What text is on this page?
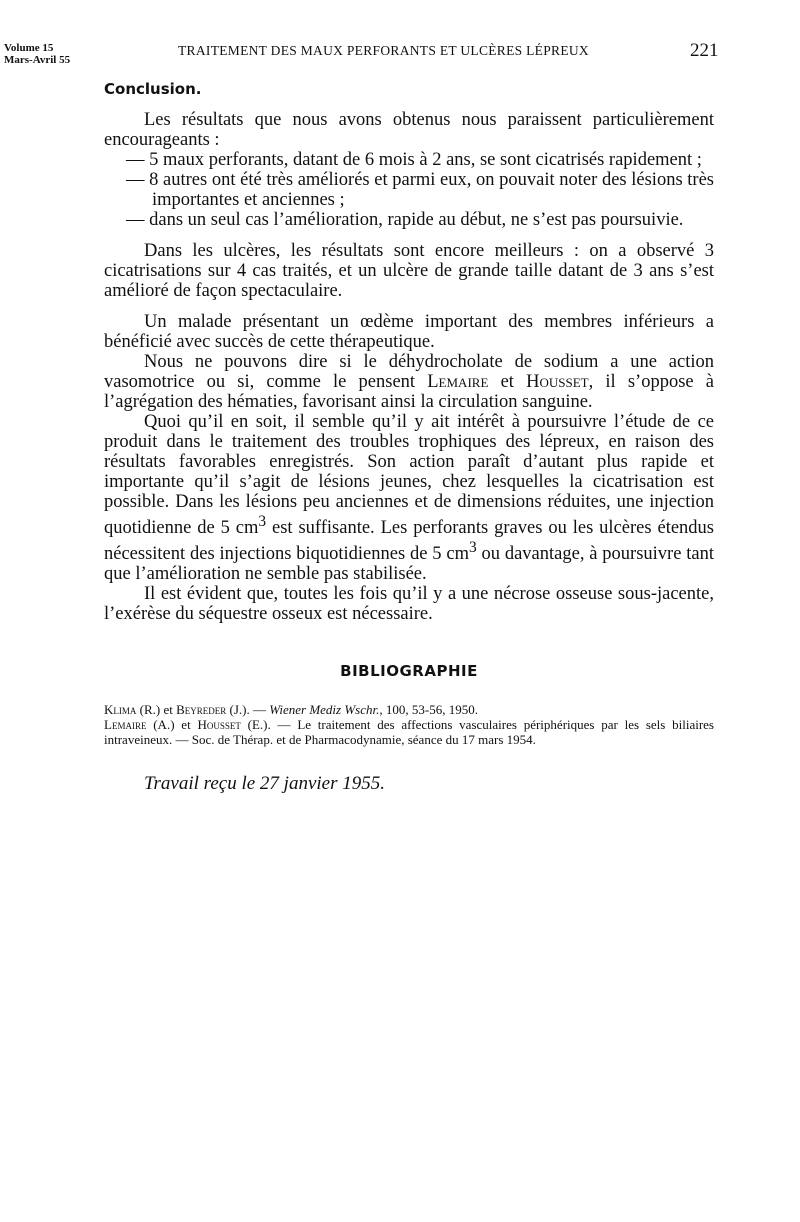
Volume 15
Mars-Avril 55
TRAITEMENT DES MAUX PERFORANTS ET ULCÈRES LÉPREUX	221
Conclusion.

Les résultats que nous avons obtenus nous paraissent particulièrement encourageants :

— 5 maux perforants, datant de 6 mois à 2 ans, se sont cicatrisés rapidement ;
— 8 autres ont été très améliorés et parmi eux, on pouvait noter des lésions très importantes et anciennes ;
— dans un seul cas l’amélioration, rapide au début, ne s’est pas poursuivie.

Dans les ulcères, les résultats sont encore meilleurs : on a observé 3 cicatrisations sur 4 cas traités, et un ulcère de grande taille datant de 3 ans s’est amélioré de façon spectaculaire.

Un malade présentant un œdème important des membres inférieurs a bénéficié avec succès de cette thérapeutique.

Nous ne pouvons dire si le déhydrocholate de sodium a une action vasomotrice ou si, comme le pensent Lemaire et Housset, il s’oppose à l’agrégation des hématies, favorisant ainsi la circulation sanguine.

Quoi qu’il en soit, il semble qu’il y ait intérêt à poursuivre l’étude de ce produit dans le traitement des troubles trophiques des lépreux, en raison des résultats favorables enregistrés. Son action paraît d’autant plus rapide et importante qu’il s’agit de lésions jeunes, chez lesquelles la cicatrisation est possible. Dans les lésions peu anciennes et de dimensions réduites, une injection quotidienne de 5 $cm^3$ est suffisante. Les perforants graves ou les ulcères étendus nécessitent des injections biquotidiennes de 5 $cm^3$ ou davantage, à poursuivre tant que l’amélioration ne semble pas stabilisée.

Il est évident que, toutes les fois qu’il y a une nécrose osseuse sous-jacente, l’exérèse du séquestre osseux est nécessaire.

BIBLIOGRAPHIE
Klima (R.) et Beyreder (J.). — Wiener Mediz Wschr., 100, 53-56, 1950.
Lemaire (A.) et Housset (E.). — Le traitement des affections vasculaires périphériques par les sels biliaires intraveineux. — Soc. de Thérap. et de Pharmacodynamie, séance du 17 mars 1954.
Travail reçu le 27 janvier 1955.
